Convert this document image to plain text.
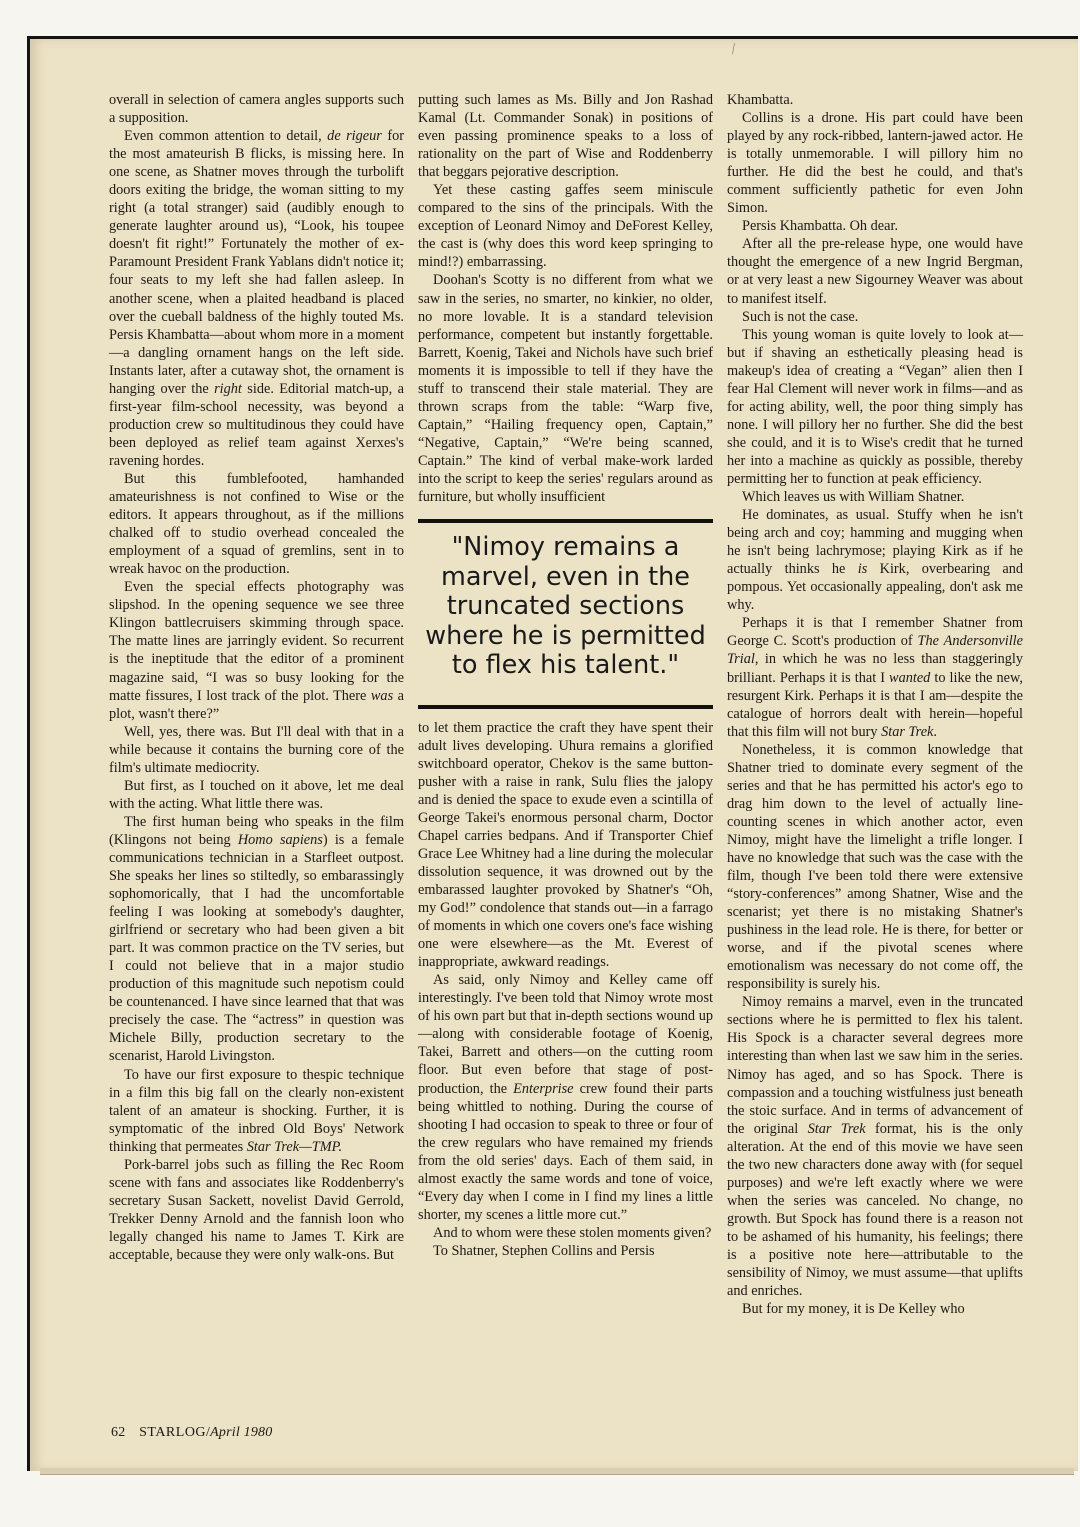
⁄

overall in selection of camera angles supports such a supposition.

Even common attention to detail, de rigeur for the most amateurish B flicks, is missing here. In one scene, as Shatner moves through the turbolift doors exiting the bridge, the woman sitting to my right (a total stranger) said (audibly enough to generate laughter around us), “Look, his toupee doesn't fit right!” Fortunately the mother of ex-Paramount President Frank Yablans didn't notice it; four seats to my left she had fallen asleep. In another scene, when a plaited headband is placed over the cueball baldness of the highly touted Ms. Persis Khambatta—about whom more in a moment—a dangling ornament hangs on the left side. Instants later, after a cutaway shot, the ornament is hanging over the right side. Editorial match-up, a first-year film-school necessity, was beyond a production crew so multitudinous they could have been deployed as relief team against Xerxes's ravening hordes.

But this fumblefooted, hamhanded amateurishness is not confined to Wise or the editors. It appears throughout, as if the millions chalked off to studio overhead concealed the employment of a squad of gremlins, sent in to wreak havoc on the production.

Even the special effects photography was slipshod. In the opening sequence we see three Klingon battlecruisers skimming through space. The matte lines are jarringly evident. So recurrent is the ineptitude that the editor of a prominent magazine said, “I was so busy looking for the matte fissures, I lost track of the plot. There was a plot, wasn't there?”

Well, yes, there was. But I'll deal with that in a while because it contains the burning core of the film's ultimate mediocrity.

But first, as I touched on it above, let me deal with the acting. What little there was.

The first human being who speaks in the film (Klingons not being Homo sapiens) is a female communications technician in a Starfleet outpost. She speaks her lines so stiltedly, so embarassingly sophomorically, that I had the uncomfortable feeling I was looking at somebody's daughter, girlfriend or secretary who had been given a bit part. It was common practice on the TV series, but I could not believe that in a major studio production of this magnitude such nepotism could be countenanced. I have since learned that that was precisely the case. The “actress” in question was Michele Billy, production secretary to the scenarist, Harold Livingston.

To have our first exposure to thespic technique in a film this big fall on the clearly non-existent talent of an amateur is shocking. Further, it is symptomatic of the inbred Old Boys' Network thinking that permeates Star Trek—TMP.

Pork-barrel jobs such as filling the Rec Room scene with fans and associates like Roddenberry's secretary Susan Sackett, novelist David Gerrold, Trekker Denny Arnold and the fannish loon who legally changed his name to James T. Kirk are acceptable, because they were only walk-ons. But

putting such lames as Ms. Billy and Jon Rashad Kamal (Lt. Commander Sonak) in positions of even passing prominence speaks to a loss of rationality on the part of Wise and Roddenberry that beggars pejorative description.

Yet these casting gaffes seem miniscule compared to the sins of the principals. With the exception of Leonard Nimoy and DeForest Kelley, the cast is (why does this word keep springing to mind!?) embarrassing.

Doohan's Scotty is no different from what we saw in the series, no smarter, no kinkier, no older, no more lovable. It is a standard television performance, competent but instantly forgettable. Barrett, Koenig, Takei and Nichols have such brief moments it is impossible to tell if they have the stuff to transcend their stale material. They are thrown scraps from the table: “Warp five, Captain,” “Hailing frequency open, Captain,” “Negative, Captain,” “We're being scanned, Captain.” The kind of verbal make-work larded into the script to keep the series' regulars around as furniture, but wholly insufficient

"Nimoy remains a marvel, even in the truncated sections where he is permitted to flex his talent."

to let them practice the craft they have spent their adult lives developing. Uhura remains a glorified switchboard operator, Chekov is the same button-pusher with a raise in rank, Sulu flies the jalopy and is denied the space to exude even a scintilla of George Takei's enormous personal charm, Doctor Chapel carries bedpans. And if Transporter Chief Grace Lee Whitney had a line during the molecular dissolution sequence, it was drowned out by the embarassed laughter provoked by Shatner's “Oh, my God!” condolence that stands out—in a farrago of moments in which one covers one's face wishing one were elsewhere—as the Mt. Everest of inappropriate, awkward readings.

As said, only Nimoy and Kelley came off interestingly. I've been told that Nimoy wrote most of his own part but that in-depth sections wound up—along with considerable footage of Koenig, Takei, Barrett and others—on the cutting room floor. But even before that stage of post-production, the Enterprise crew found their parts being whittled to nothing. During the course of shooting I had occasion to speak to three or four of the crew regulars who have remained my friends from the old series' days. Each of them said, in almost exactly the same words and tone of voice, “Every day when I come in I find my lines a little shorter, my scenes a little more cut.”

And to whom were these stolen moments given?

To Shatner, Stephen Collins and Persis

Khambatta.

Collins is a drone. His part could have been played by any rock-ribbed, lantern-jawed actor. He is totally unmemorable. I will pillory him no further. He did the best he could, and that's comment sufficiently pathetic for even John Simon.

Persis Khambatta. Oh dear.

After all the pre-release hype, one would have thought the emergence of a new Ingrid Bergman, or at very least a new Sigourney Weaver was about to manifest itself.

Such is not the case.

This young woman is quite lovely to look at—but if shaving an esthetically pleasing head is makeup's idea of creating a “Vegan” alien then I fear Hal Clement will never work in films—and as for acting ability, well, the poor thing simply has none. I will pillory her no further. She did the best she could, and it is to Wise's credit that he turned her into a machine as quickly as possible, thereby permitting her to function at peak efficiency.

Which leaves us with William Shatner.

He dominates, as usual. Stuffy when he isn't being arch and coy; hamming and mugging when he isn't being lachrymose; playing Kirk as if he actually thinks he is Kirk, overbearing and pompous. Yet occasionally appealing, don't ask me why.

Perhaps it is that I remember Shatner from George C. Scott's production of The Andersonville Trial, in which he was no less than staggeringly brilliant. Perhaps it is that I wanted to like the new, resurgent Kirk. Perhaps it is that I am—despite the catalogue of horrors dealt with herein—hopeful that this film will not bury Star Trek.

Nonetheless, it is common knowledge that Shatner tried to dominate every segment of the series and that he has permitted his actor's ego to drag him down to the level of actually line-counting scenes in which another actor, even Nimoy, might have the limelight a trifle longer. I have no knowledge that such was the case with the film, though I've been told there were extensive “story-conferences” among Shatner, Wise and the scenarist; yet there is no mistaking Shatner's pushiness in the lead role. He is there, for better or worse, and if the pivotal scenes where emotionalism was necessary do not come off, the responsibility is surely his.

Nimoy remains a marvel, even in the truncated sections where he is permitted to flex his talent. His Spock is a character several degrees more interesting than when last we saw him in the series. Nimoy has aged, and so has Spock. There is compassion and a touching wistfulness just beneath the stoic surface. And in terms of advancement of the original Star Trek format, his is the only alteration. At the end of this movie we have seen the two new characters done away with (for sequel purposes) and we're left exactly where we were when the series was canceled. No change, no growth. But Spock has found there is a reason not to be ashamed of his humanity, his feelings; there is a positive note here—attributable to the sensibility of Nimoy, we must assume—that uplifts and enriches.

But for my money, it is De Kelley who

62 STARLOG/April 1980
